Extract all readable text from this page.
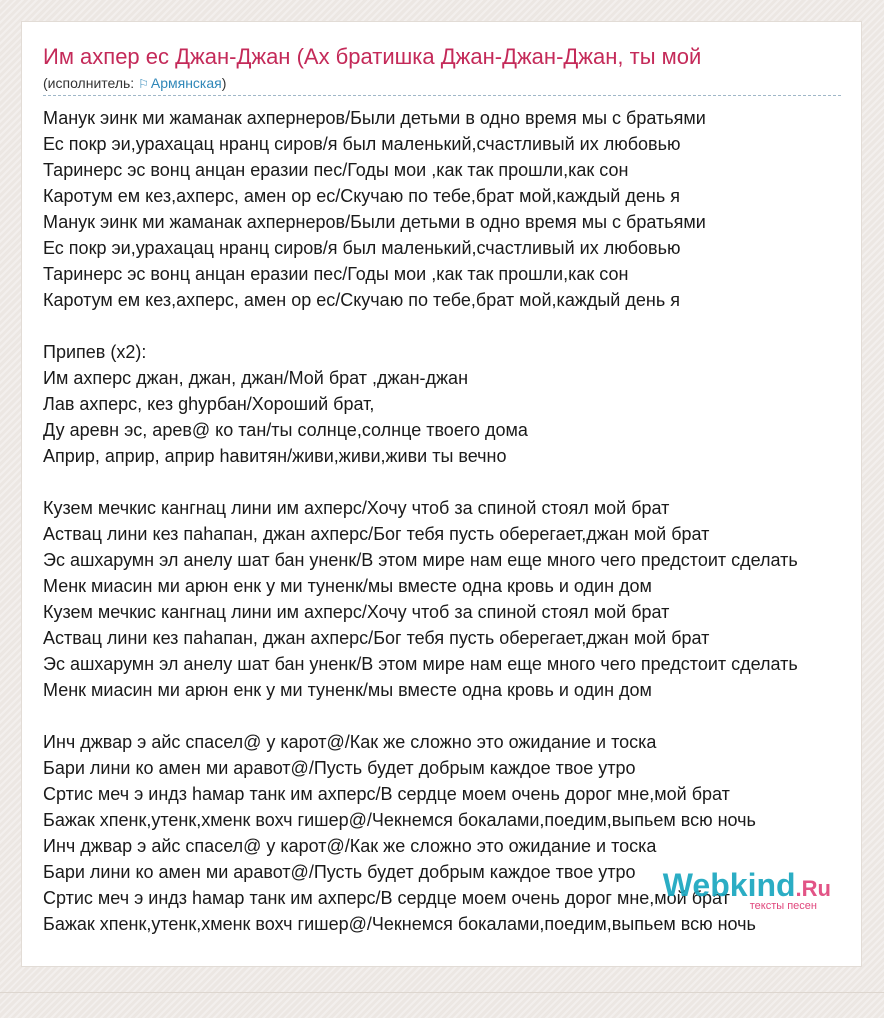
Им ахпер ес Джан-Джан (Ах братишка Джан-Джан-Джан, ты мой
(исполнитель: ⚐ Армянская)
Манук эинк ми жаманак ахпернеров/Были детьми в одно время мы с братьями
Ес покр эи,урахацац нранц сиров/я был маленький,счастливый их любовью
Таринерс эс вонц анцан еразии пес/Годы мои ,как так прошли,как сон
Каротум ем кез,ахперс, амен ор ес/Скучаю по тебе,брат мой,каждый день я
Манук эинк ми жаманак ахпернеров/Были детьми в одно время мы с братьями
Ес покр эи,урахацац нранц сиров/я был маленький,счастливый их любовью
Таринерс эс вонц анцан еразии пес/Годы мои ,как так прошли,как сон
Каротум ем кез,ахперс, амен ор ес/Скучаю по тебе,брат мой,каждый день я
Припев (x2):
Им ахперс джан, джан, джан/Мой брат ,джан-джан
Лав ахперс, кез ghурбан/Хороший брат,
Ду аревн эс, арев@ ко тан/ты солнце,солнце твоего дома
Априр, априр, априр hавитян/живи,живи,живи ты вечно
Кузем мечкис кангнац лини им ахперс/Хочу чтоб за спиной стоял мой брат
Аствац лини кез паhапан, джан ахперс/Бог тебя пусть оберегает,джан мой брат
Эс ашхарумн эл анелу шат бан уненк/В этом мире нам еще много чего предстоит сделать
Менк миасин ми арюн енк у ми туненк/мы вместе одна кровь и один дом
Кузем мечкис кангнац лини им ахперс/Хочу чтоб за спиной стоял мой брат
Аствац лини кез паhапан, джан ахперс/Бог тебя пусть оберегает,джан мой брат
Эс ашхарумн эл анелу шат бан уненк/В этом мире нам еще много чего предстоит сделать
Менк миасин ми арюн енк у ми туненк/мы вместе одна кровь и один дом
Инч джвар э айс спасел@ у карот@/Как же сложно это ожидание и тоска
Бари лини ко амен ми аравот@/Пусть будет добрым каждое твое утро
Сртис меч э индз hамар танк им ахперс/В сердце моем очень дорог мне,мой брат
Бажак хпенк,утенк,хменк вохч гишер@/Чекнемся бокалами,поедим,выпьем всю ночь
Инч джвар э айс спасел@ у карот@/Как же сложно это ожидание и тоска
Бари лини ко амен ми аравот@/Пусть будет добрым каждое твое утро
Сртис меч э индз hамар танк им ахперс/В сердце моем очень дорог мне,мой брат
Бажак хпенк,утенк,хменк вохч гишер@/Чекнемся бокалами,поедим,выпьем всю ночь
Webkind.Ru
тексты песен
